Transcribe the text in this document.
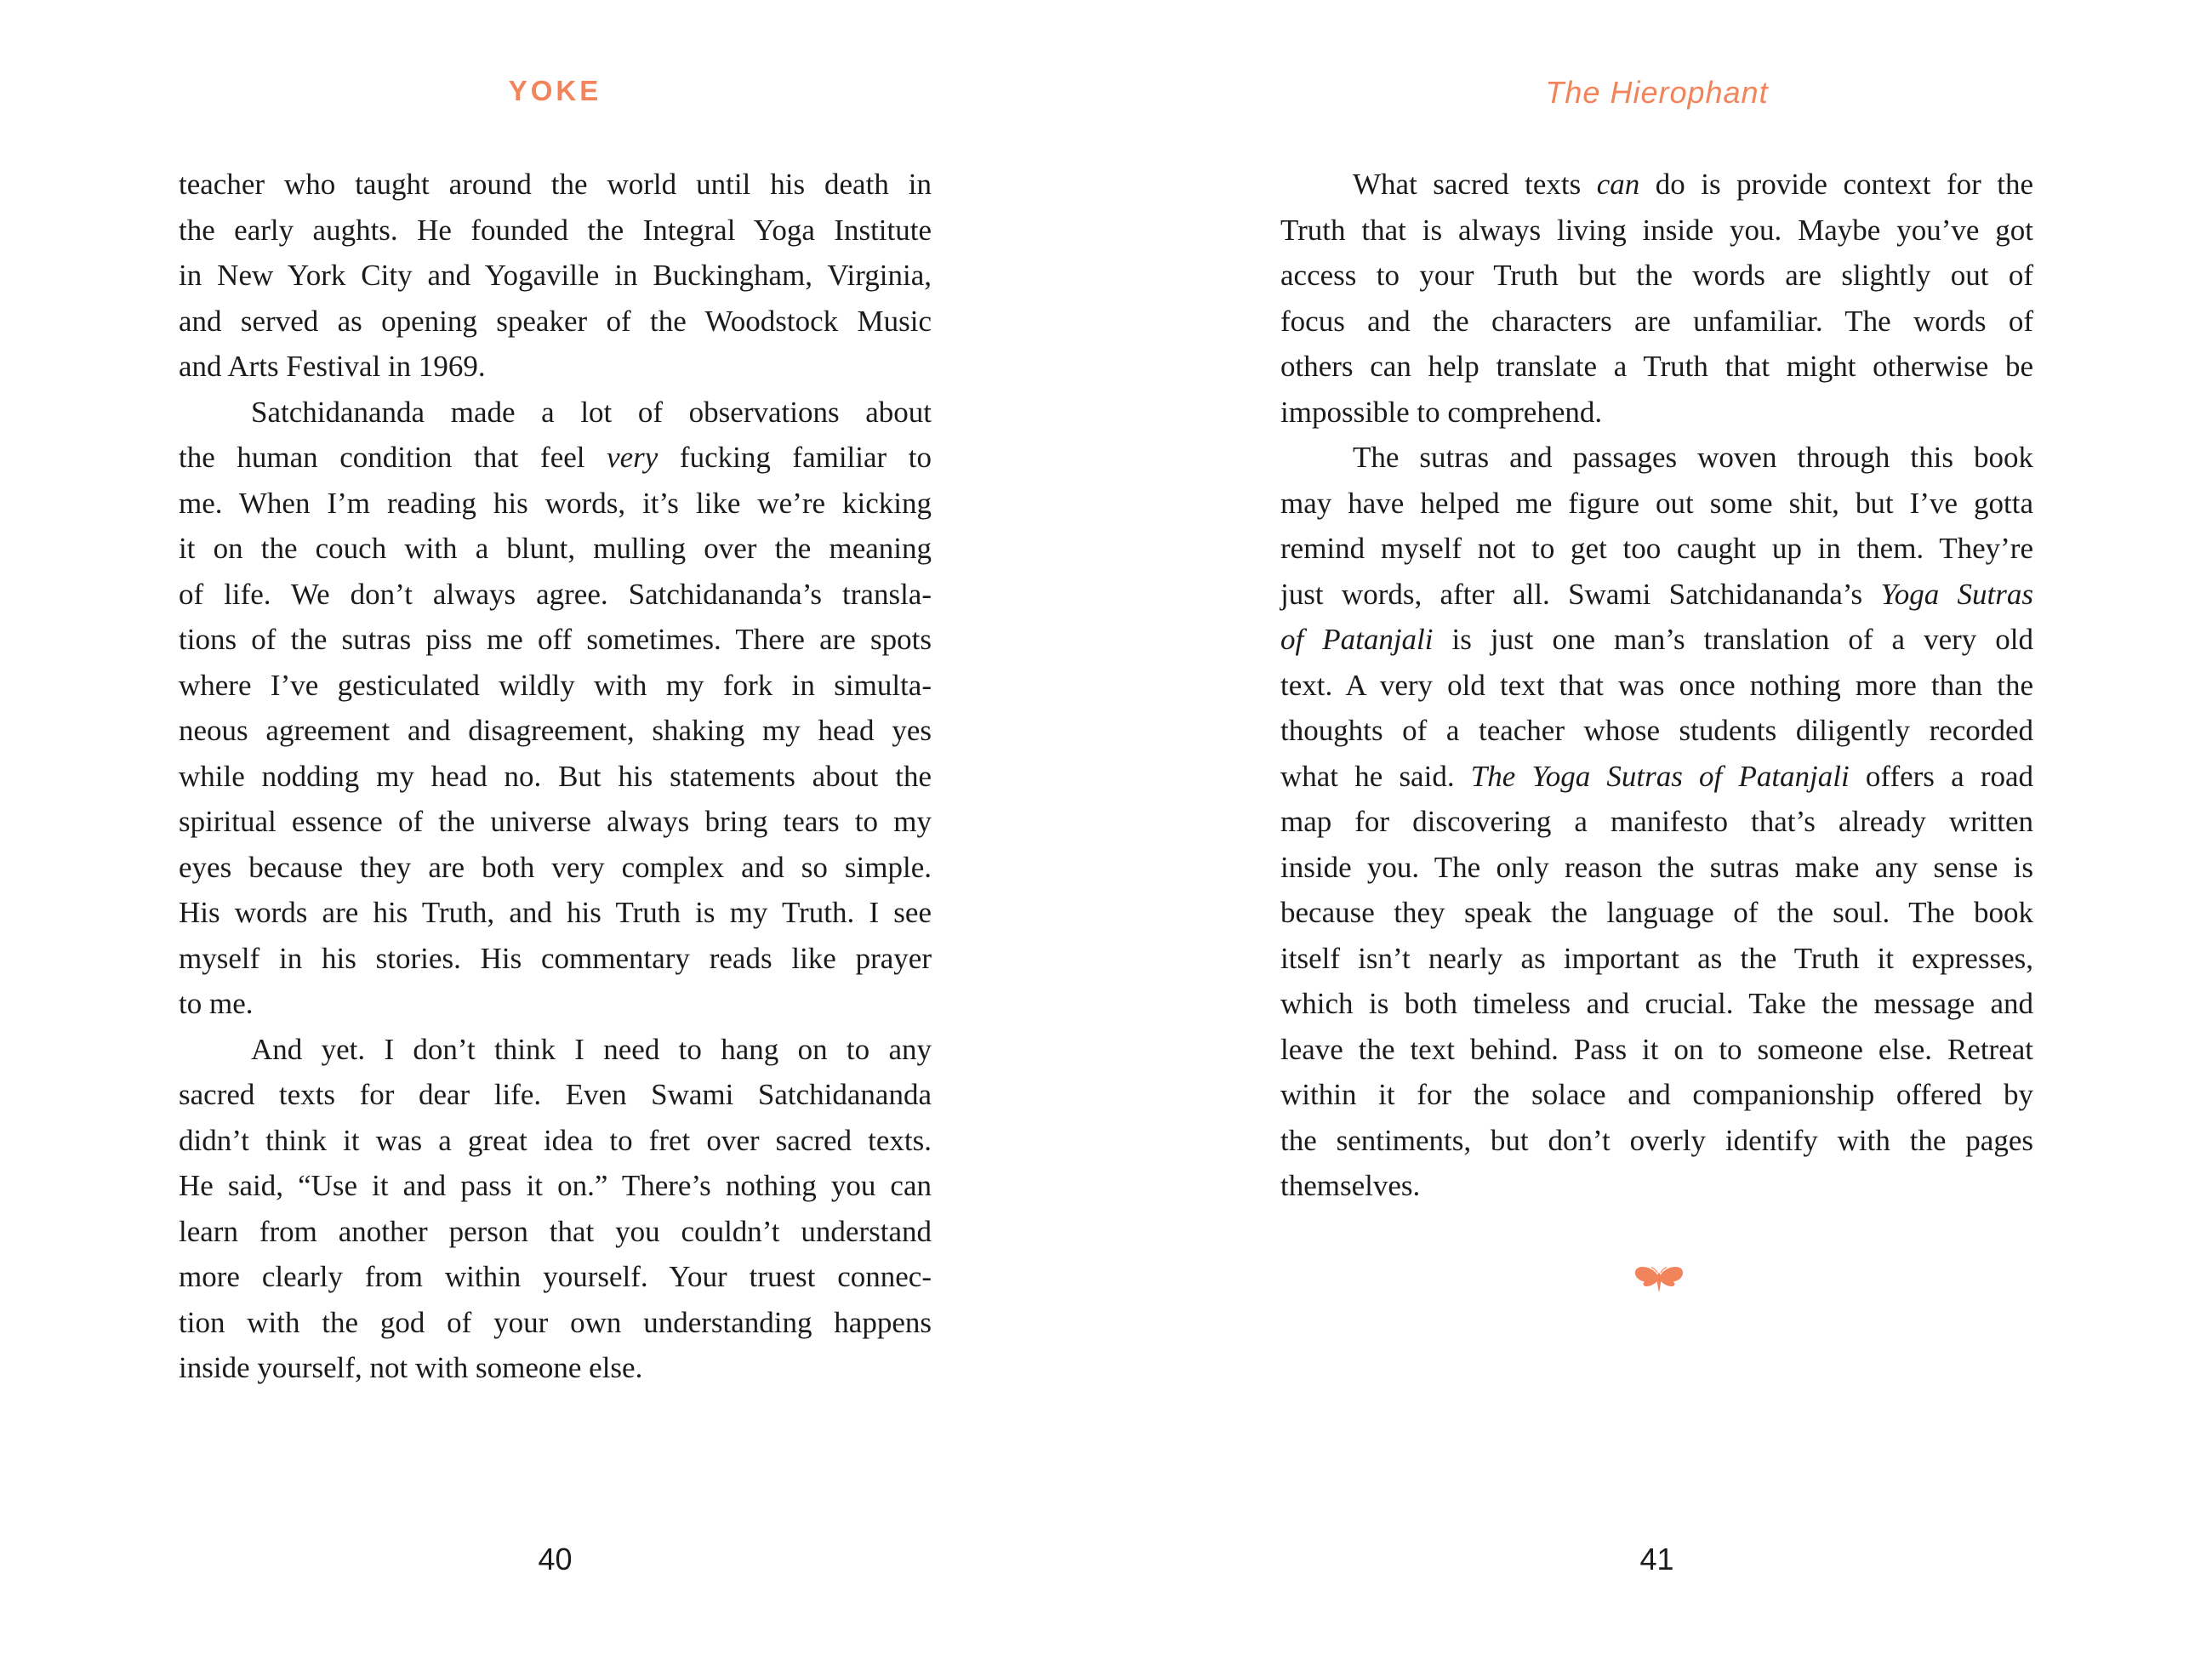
YOKE
teacher who taught around the world until his death in
the early aughts. He founded the Integral Yoga Institute
in New York City and Yogaville in Buckingham, Virginia,
and served as opening speaker of the Woodstock Music
and Arts Festival in 1969.
Satchidananda made a lot of observations about
the human condition that feel very fucking familiar to
me. When I’m reading his words, it’s like we’re kicking
it on the couch with a blunt, mulling over the meaning
of life. We don’t always agree. Satchidananda’s transla-
tions of the sutras piss me off sometimes. There are spots
where I’ve gesticulated wildly with my fork in simulta-
neous agreement and disagreement, shaking my head yes
while nodding my head no. But his statements about the
spiritual essence of the universe always bring tears to my
eyes because they are both very complex and so simple.
His words are his Truth, and his Truth is my Truth. I see
myself in his stories. His commentary reads like prayer
to me.
And yet. I don’t think I need to hang on to any
sacred texts for dear life. Even Swami Satchidananda
didn’t think it was a great idea to fret over sacred texts.
He said, “Use it and pass it on.” There’s nothing you can
learn from another person that you couldn’t understand
more clearly from within yourself. Your truest connec-
tion with the god of your own understanding happens
inside yourself, not with someone else.
40
The Hierophant
What sacred texts can do is provide context for the
Truth that is always living inside you. Maybe you’ve got
access to your Truth but the words are slightly out of
focus and the characters are unfamiliar. The words of
others can help translate a Truth that might otherwise be
impossible to comprehend.
The sutras and passages woven through this book
may have helped me figure out some shit, but I’ve gotta
remind myself not to get too caught up in them. They’re
just words, after all. Swami Satchidananda’s Yoga Sutras
of Patanjali is just one man’s translation of a very old
text. A very old text that was once nothing more than the
thoughts of a teacher whose students diligently recorded
what he said. The Yoga Sutras of Patanjali offers a road
map for discovering a manifesto that’s already written
inside you. The only reason the sutras make any sense is
because they speak the language of the soul. The book
itself isn’t nearly as important as the Truth it expresses,
which is both timeless and crucial. Take the message and
leave the text behind. Pass it on to someone else. Retreat
within it for the solace and companionship offered by
the sentiments, but don’t overly identify with the pages
themselves.
41
